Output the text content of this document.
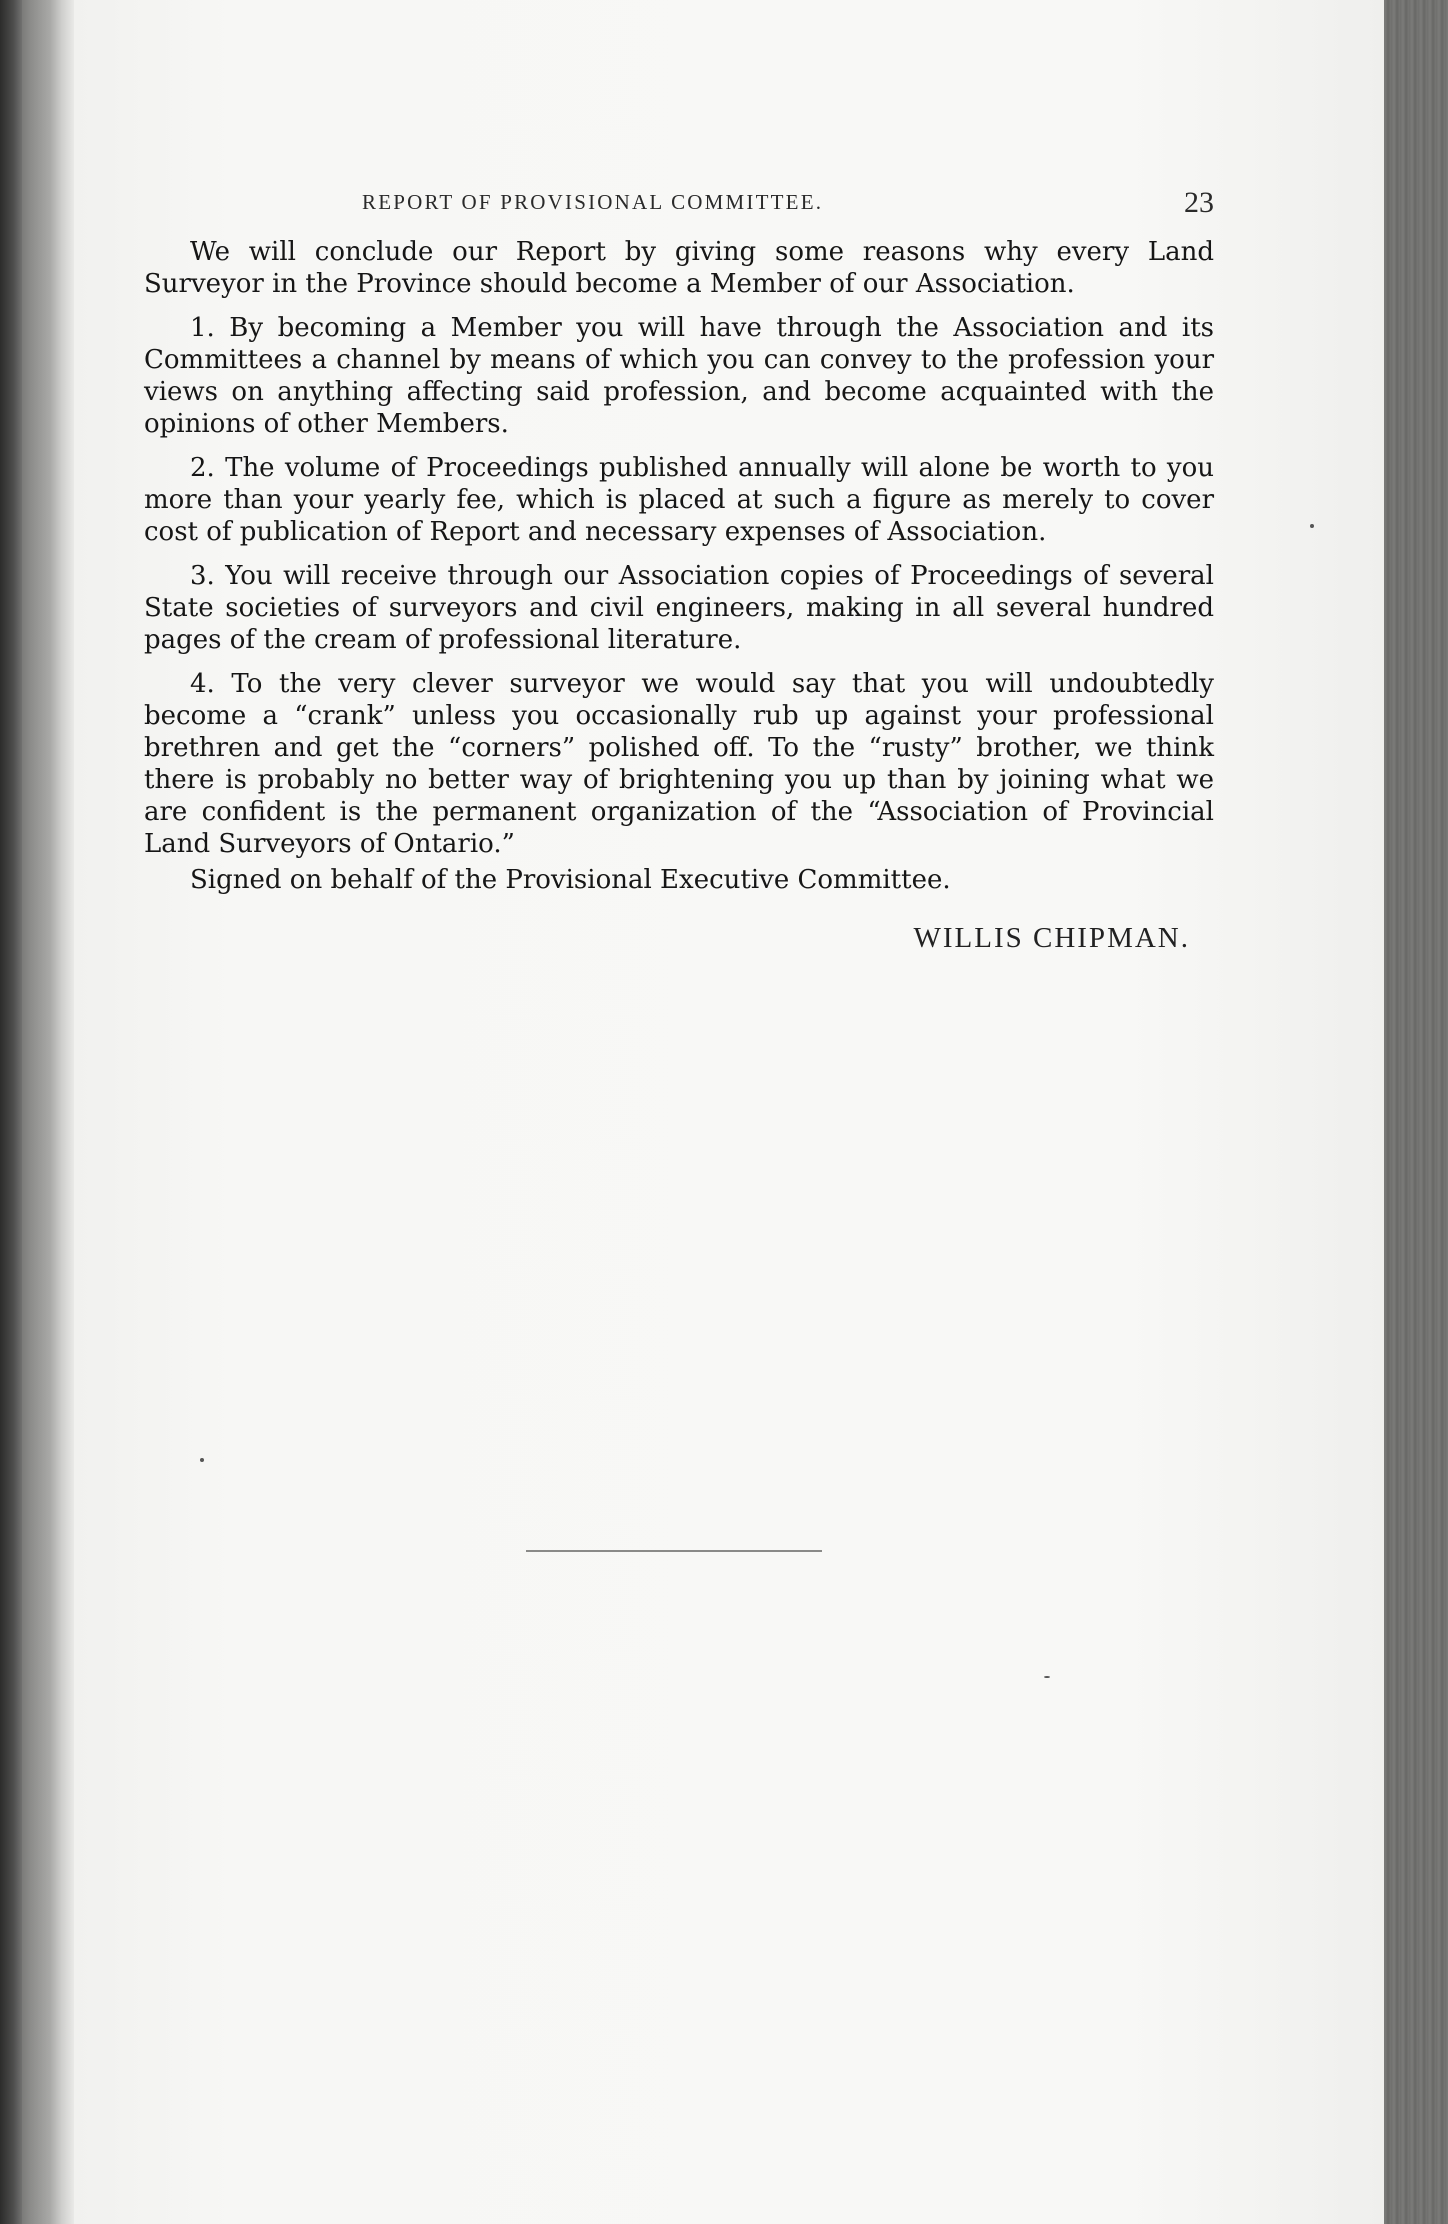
REPORT OF PROVISIONAL COMMITTEE.	23

We will conclude our Report by giving some reasons why every Land Surveyor in the Province should become a Member of our Association.

1. By becoming a Member you will have through the Association and its Committees a channel by means of which you can convey to the profession your views on anything affecting said profession, and become acquainted with the opinions of other Members.

2. The volume of Proceedings published annually will alone be worth to you more than your yearly fee, which is placed at such a figure as merely to cover cost of publication of Report and necessary expenses of Association.

3. You will receive through our Association copies of Proceedings of several State societies of surveyors and civil engineers, making in all several hundred pages of the cream of professional literature.

4. To the very clever surveyor we would say that you will undoubtedly become a “crank” unless you occasionally rub up against your professional brethren and get the “corners” polished off. To the “rusty” brother, we think there is probably no better way of brightening you up than by joining what we are confident is the permanent organization of the “Association of Provincial Land Surveyors of Ontario.”

Signed on behalf of the Provisional Executive Committee.

WILLIS CHIPMAN.
